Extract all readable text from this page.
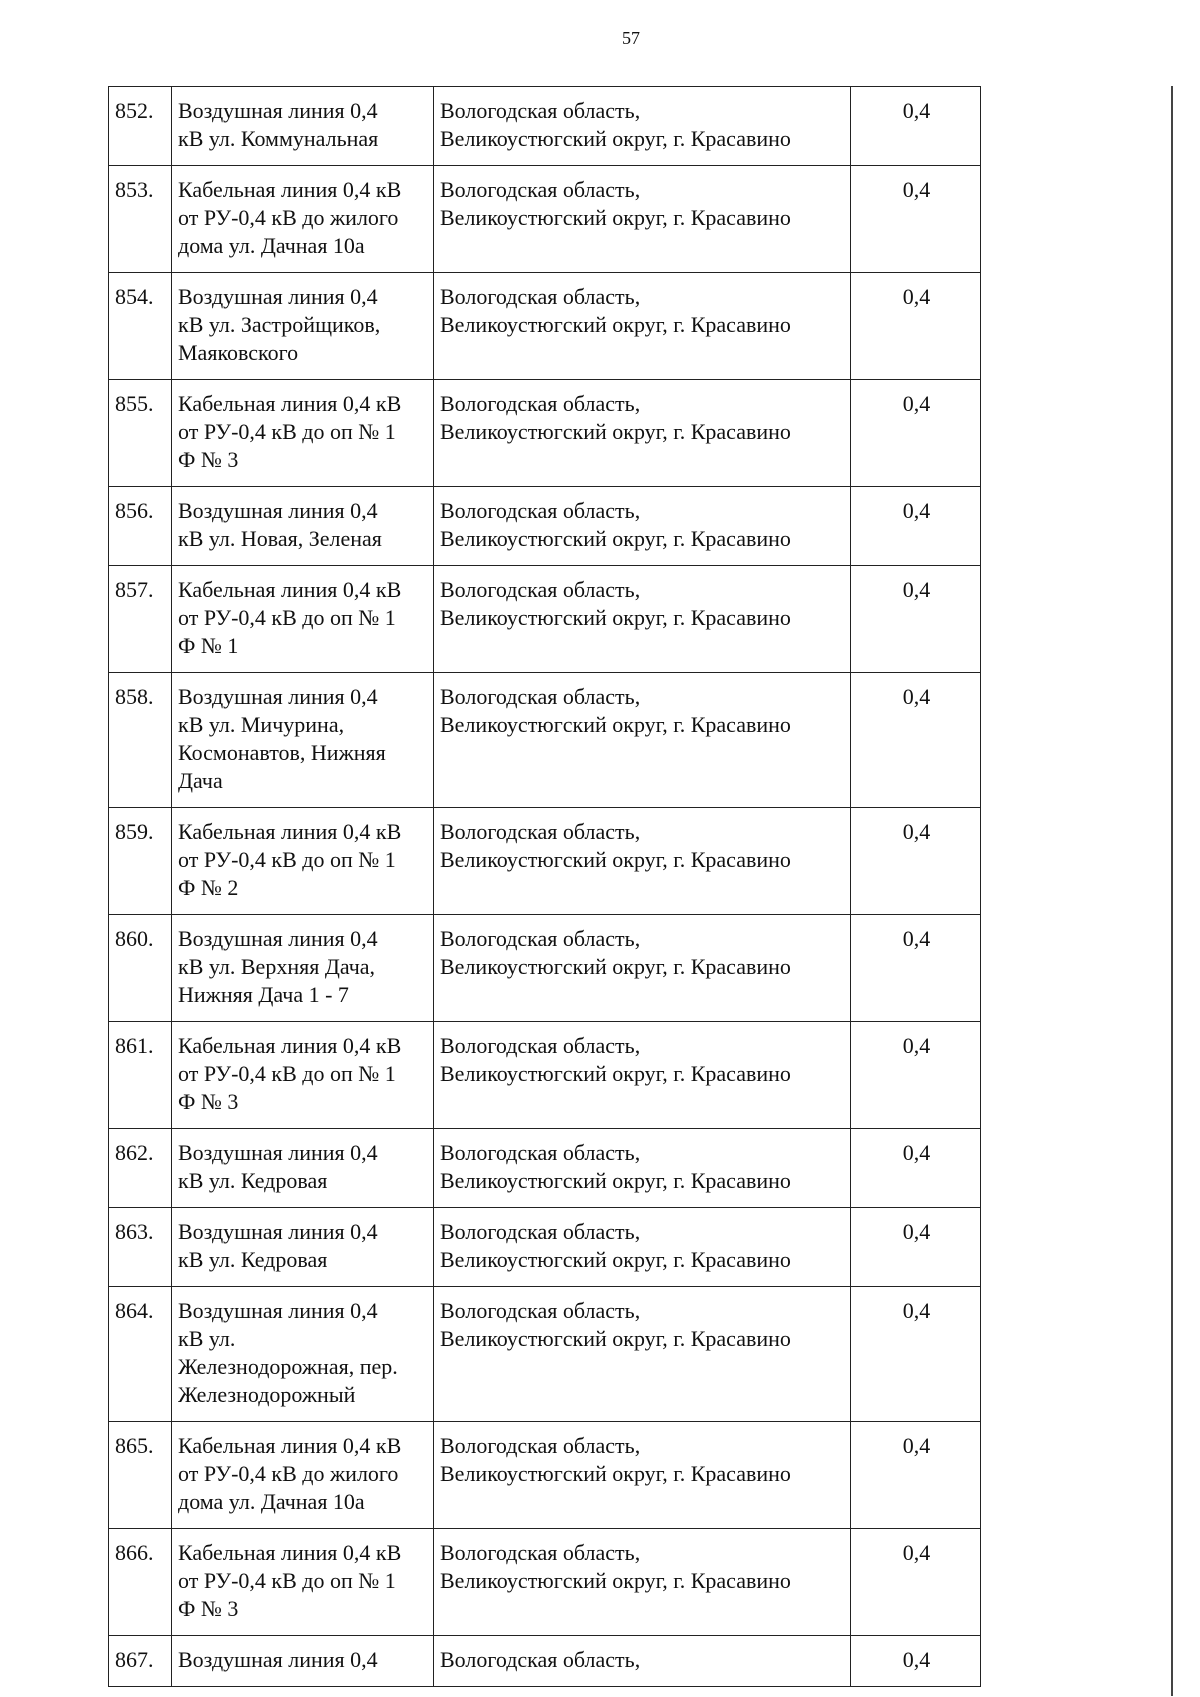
57
852.	Воздушная линия 0,4
кВ ул. Коммунальная	Вологодская область,
Великоустюгский округ, г. Красавино	0,4
853.	Кабельная линия 0,4 кВ
от РУ-0,4 кВ до жилого
дома ул. Дачная 10а	Вологодская область,
Великоустюгский округ, г. Красавино	0,4
854.	Воздушная линия 0,4
кВ ул. Застройщиков,
Маяковского	Вологодская область,
Великоустюгский округ, г. Красавино	0,4
855.	Кабельная линия 0,4 кВ
от РУ-0,4 кВ до оп № 1
Ф № 3	Вологодская область,
Великоустюгский округ, г. Красавино	0,4
856.	Воздушная линия 0,4
кВ ул. Новая, Зеленая	Вологодская область,
Великоустюгский округ, г. Красавино	0,4
857.	Кабельная линия 0,4 кВ
от РУ-0,4 кВ до оп № 1
Ф № 1	Вологодская область,
Великоустюгский округ, г. Красавино	0,4
858.	Воздушная линия 0,4
кВ ул. Мичурина,
Космонавтов, Нижняя
Дача	Вологодская область,
Великоустюгский округ, г. Красавино	0,4
859.	Кабельная линия 0,4 кВ
от РУ-0,4 кВ до оп № 1
Ф № 2	Вологодская область,
Великоустюгский округ, г. Красавино	0,4
860.	Воздушная линия 0,4
кВ ул. Верхняя Дача,
Нижняя Дача 1 - 7	Вологодская область,
Великоустюгский округ, г. Красавино	0,4
861.	Кабельная линия 0,4 кВ
от РУ-0,4 кВ до оп № 1
Ф № 3	Вологодская область,
Великоустюгский округ, г. Красавино	0,4
862.	Воздушная линия 0,4
кВ ул. Кедровая	Вологодская область,
Великоустюгский округ, г. Красавино	0,4
863.	Воздушная линия 0,4
кВ ул. Кедровая	Вологодская область,
Великоустюгский округ, г. Красавино	0,4
864.	Воздушная линия 0,4
кВ ул.
Железнодорожная, пер.
Железнодорожный	Вологодская область,
Великоустюгский округ, г. Красавино	0,4
865.	Кабельная линия 0,4 кВ
от РУ-0,4 кВ до жилого
дома ул. Дачная 10а	Вологодская область,
Великоустюгский округ, г. Красавино	0,4
866.	Кабельная линия 0,4 кВ
от РУ-0,4 кВ до оп № 1
Ф № 3	Вологодская область,
Великоустюгский округ, г. Красавино	0,4
867.	Воздушная линия 0,4	Вологодская область,	0,4
